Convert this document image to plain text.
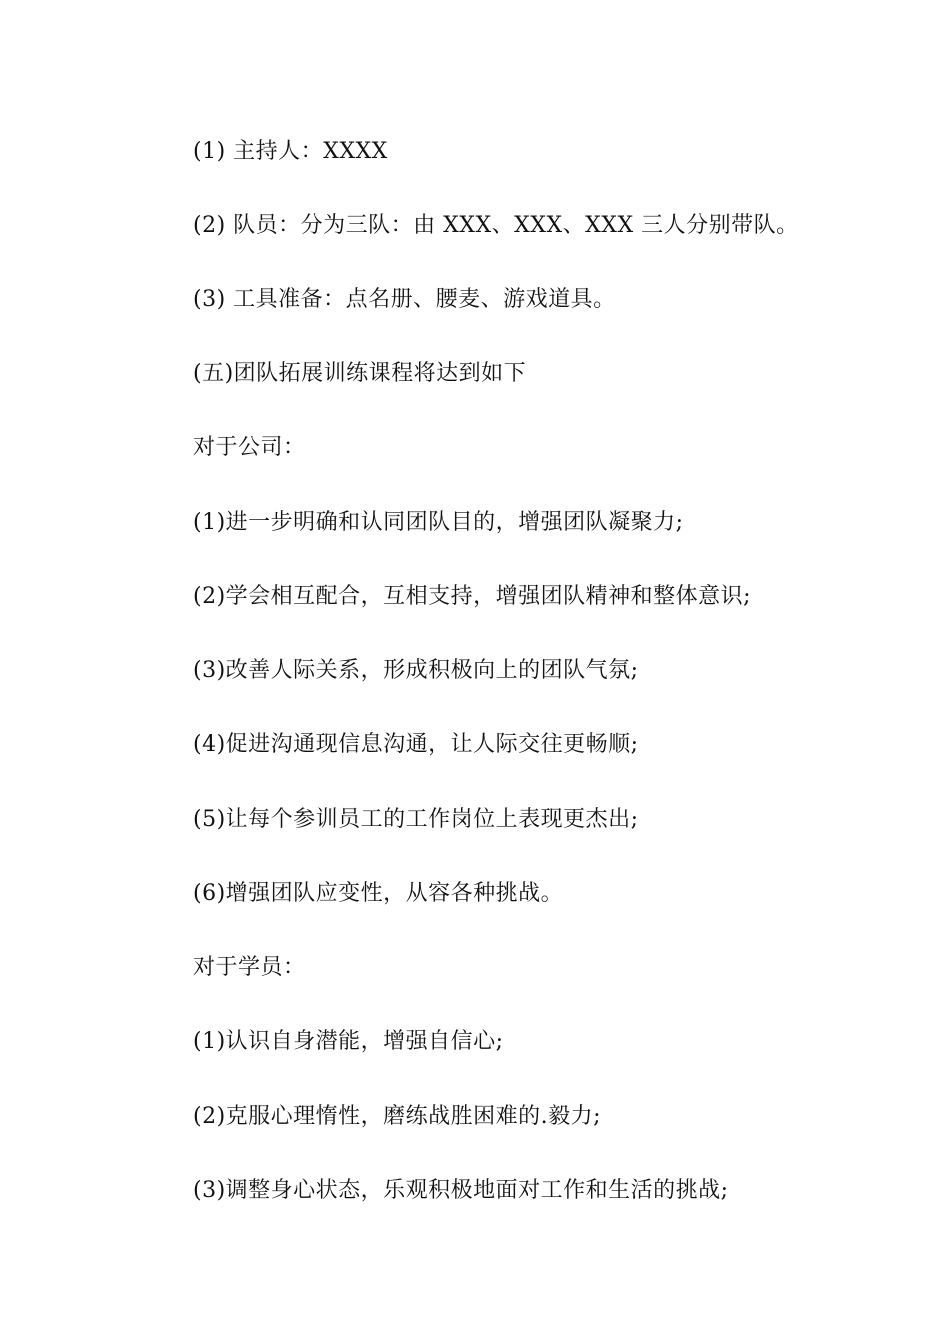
(1) 主持人：XXXX
(2) 队员：分为三队：由 XXX、XXX、XXX 三人分别带队。
(3) 工具准备：点名册、腰麦、游戏道具。
(五)团队拓展训练课程将达到如下
对于公司：
(1)进一步明确和认同团队目的，增强团队凝聚力;
(2)学会相互配合，互相支持，增强团队精神和整体意识;
(3)改善人际关系，形成积极向上的团队气氛;
(4)促进沟通现信息沟通，让人际交往更畅顺;
(5)让每个参训员工的工作岗位上表现更杰出;
(6)增强团队应变性，从容各种挑战。
对于学员：
(1)认识自身潜能，增强自信心;
(2)克服心理惰性，磨练战胜困难的.毅力;
(3)调整身心状态，乐观积极地面对工作和生活的挑战;
